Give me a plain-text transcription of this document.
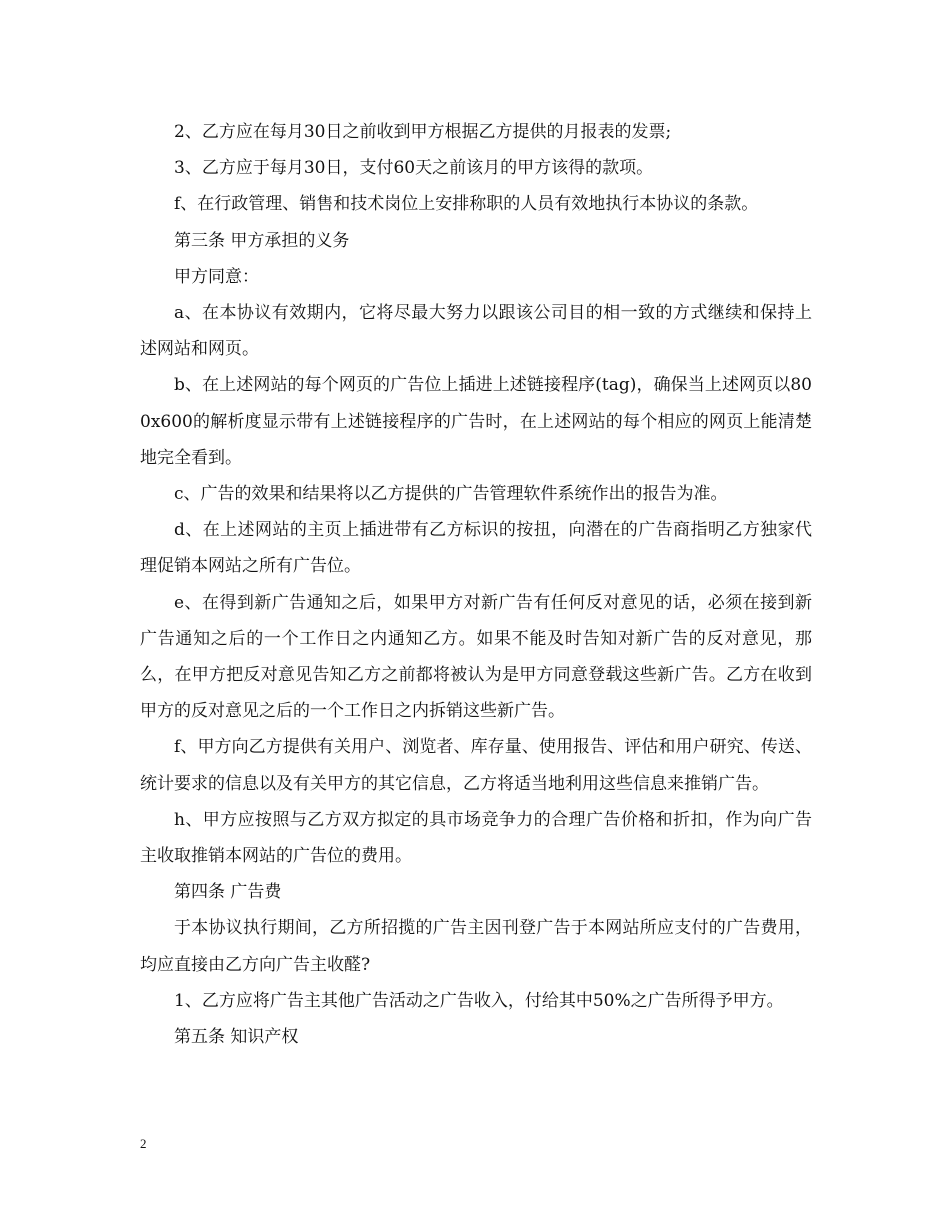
2、乙方应在每月30日之前收到甲方根据乙方提供的月报表的发票;

3、乙方应于每月30日，支付60天之前该月的甲方该得的款项。

f、在行政管理、销售和技术岗位上安排称职的人员有效地执行本协议的条款。

第三条 甲方承担的义务

甲方同意：

a、在本协议有效期内，它将尽最大努力以跟该公司目的相一致的方式继续和保持上述网站和网页。

b、在上述网站的每个网页的广告位上插进上述链接程序(tag)，确保当上述网页以800x600的解析度显示带有上述链接程序的广告时，在上述网站的每个相应的网页上能清楚地完全看到。

c、广告的效果和结果将以乙方提供的广告管理软件系统作出的报告为准。

d、在上述网站的主页上插进带有乙方标识的按扭，向潜在的广告商指明乙方独家代理促销本网站之所有广告位。

e、在得到新广告通知之后，如果甲方对新广告有任何反对意见的话，必须在接到新广告通知之后的一个工作日之内通知乙方。如果不能及时告知对新广告的反对意见，那么，在甲方把反对意见告知乙方之前都将被认为是甲方同意登载这些新广告。乙方在收到甲方的反对意见之后的一个工作日之内拆销这些新广告。

f、甲方向乙方提供有关用户、浏览者、库存量、使用报告、评估和用户研究、传送、统计要求的信息以及有关甲方的其它信息，乙方将适当地利用这些信息来推销广告。

h、甲方应按照与乙方双方拟定的具市场竞争力的合理广告价格和折扣，作为向广告主收取推销本网站的广告位的费用。

第四条 广告费

于本协议执行期间，乙方所招揽的广告主因刊登广告于本网站所应支付的广告费用，均应直接由乙方向广告主收醛?

1、乙方应将广告主其他广告活动之广告收入，付给其中50%之广告所得予甲方。

第五条 知识产权

2
